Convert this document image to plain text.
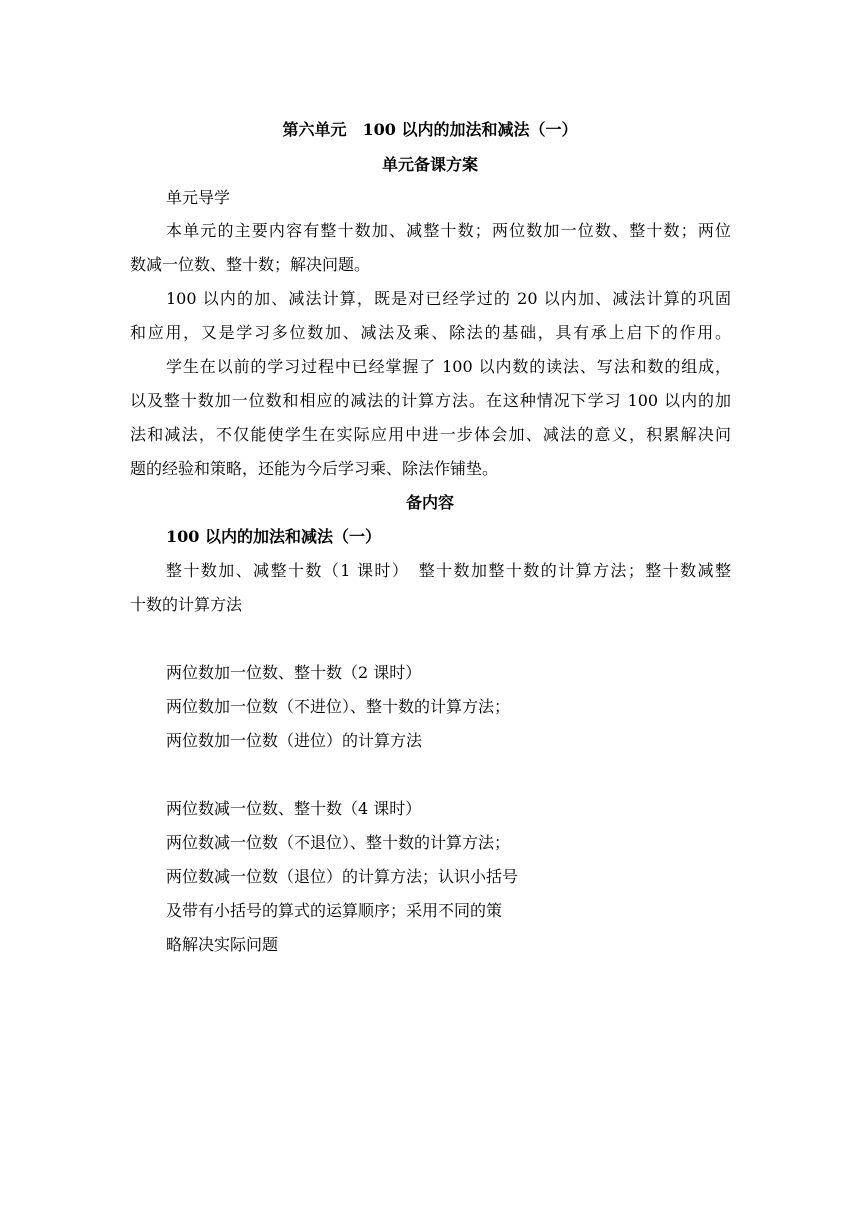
第六单元　100 以内的加法和减法（一）
单元备课方案
单元导学
本单元的主要内容有整十数加、减整十数；两位数加一位数、整十数；两位
数减一位数、整十数；解决问题。
100 以内的加、减法计算，既是对已经学过的 20 以内加、减法计算的巩固
和应用，又是学习多位数加、减法及乘、除法的基础，具有承上启下的作用。
学生在以前的学习过程中已经掌握了 100 以内数的读法、写法和数的组成，
以及整十数加一位数和相应的减法的计算方法。在这种情况下学习 100 以内的加
法和减法，不仅能使学生在实际应用中进一步体会加、减法的意义，积累解决问
题的经验和策略，还能为今后学习乘、除法作铺垫。
备内容
100 以内的加法和减法（一）
整十数加、减整十数（1 课时）　整十数加整十数的计算方法；整十数减整
十数的计算方法
两位数加一位数、整十数（2 课时）
两位数加一位数（不进位）、整十数的计算方法；
两位数加一位数（进位）的计算方法
两位数减一位数、整十数（4 课时）
两位数减一位数（不退位）、整十数的计算方法；
两位数减一位数（退位）的计算方法；认识小括号
及带有小括号的算式的运算顺序；采用不同的策
略解决实际问题
